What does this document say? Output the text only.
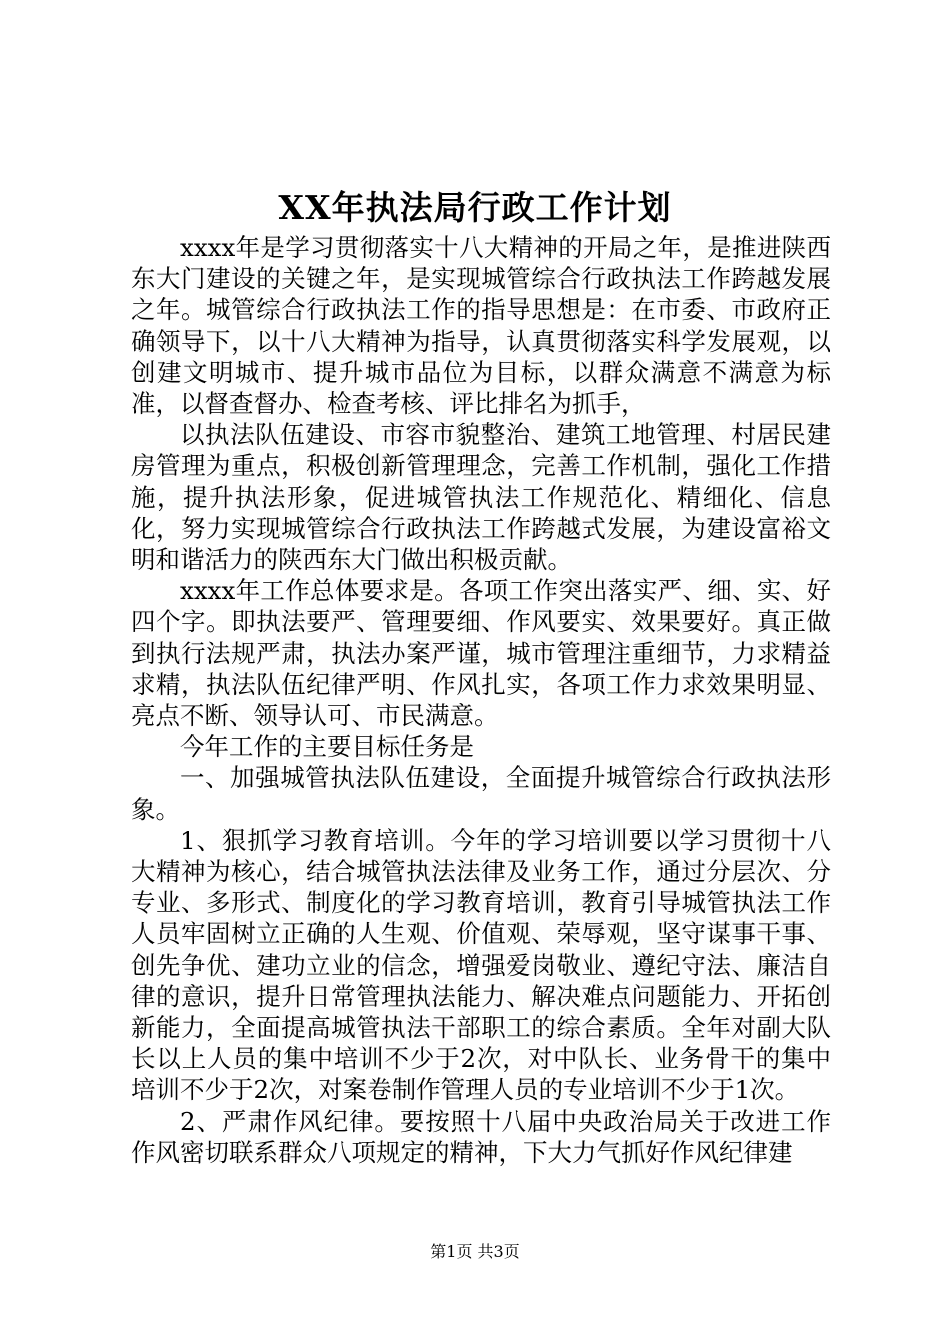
XX年执法局行政工作计划

xxxx年是学习贯彻落实十八大精神的开局之年，是推进陕西东大门建设的关键之年，是实现城管综合行政执法工作跨越发展之年。城管综合行政执法工作的指导思想是：在市委、市政府正确领导下，以十八大精神为指导，认真贯彻落实科学发展观，以创建文明城市、提升城市品位为目标，以群众满意不满意为标准，以督查督办、检查考核、评比排名为抓手，

以执法队伍建设、市容市貌整治、建筑工地管理、村居民建房管理为重点，积极创新管理理念，完善工作机制，强化工作措施，提升执法形象，促进城管执法工作规范化、精细化、信息化，努力实现城管综合行政执法工作跨越式发展，为建设富裕文明和谐活力的陕西东大门做出积极贡献。

xxxx年工作总体要求是。各项工作突出落实严、细、实、好四个字。即执法要严、管理要细、作风要实、效果要好。真正做到执行法规严肃，执法办案严谨，城市管理注重细节，力求精益求精，执法队伍纪律严明、作风扎实，各项工作力求效果明显、亮点不断、领导认可、市民满意。

今年工作的主要目标任务是

一、加强城管执法队伍建设，全面提升城管综合行政执法形象。

1、狠抓学习教育培训。今年的学习培训要以学习贯彻十八大精神为核心，结合城管执法法律及业务工作，通过分层次、分专业、多形式、制度化的学习教育培训，教育引导城管执法工作人员牢固树立正确的人生观、价值观、荣辱观，坚守谋事干事、创先争优、建功立业的信念，增强爱岗敬业、遵纪守法、廉洁自律的意识，提升日常管理执法能力、解决难点问题能力、开拓创新能力，全面提高城管执法干部职工的综合素质。全年对副大队长以上人员的集中培训不少于2次，对中队长、业务骨干的集中培训不少于2次，对案卷制作管理人员的专业培训不少于1次。

2、严肃作风纪律。要按照十八届中央政治局关于改进工作作风密切联系群众八项规定的精神，下大力气抓好作风纪律建

第1页 共3页
